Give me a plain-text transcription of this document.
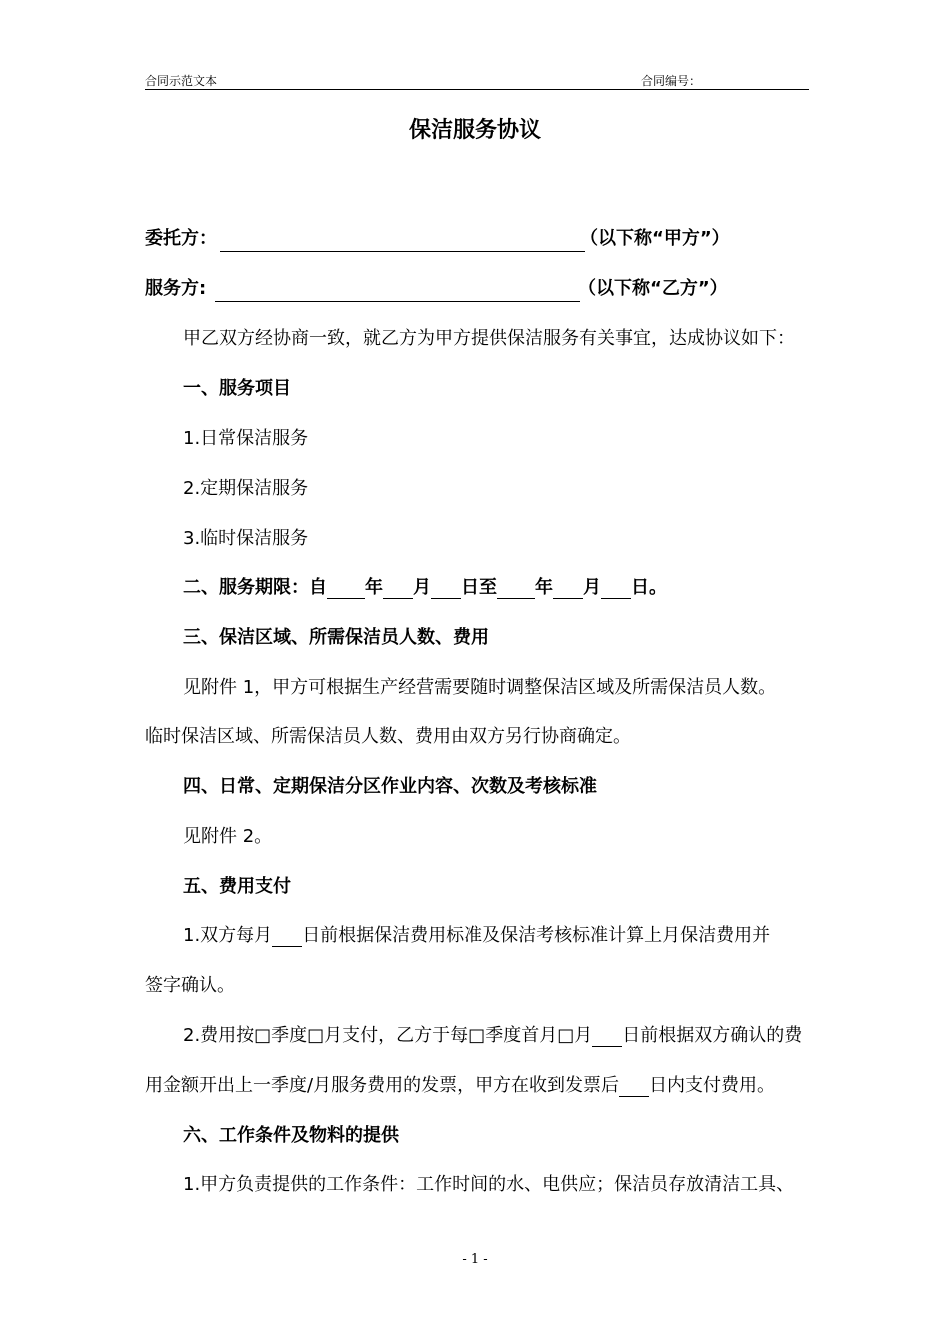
合同示范文本	合同编号：
保洁服务协议
委托方：	（以下称“甲方”）
服务方:	（以下称“乙方”）
甲乙双方经协商一致，就乙方为甲方提供保洁服务有关事宜，达成协议如下：
一、服务项目
1.日常保洁服务
2.定期保洁服务
3.临时保洁服务
二、服务期限：自 年 月 日至 年 月 日。
三、保洁区域、所需保洁员人数、费用
见附件 1，甲方可根据生产经营需要随时调整保洁区域及所需保洁员人数。
临时保洁区域、所需保洁员人数、费用由双方另行协商确定。
四、日常、定期保洁分区作业内容、次数及考核标准
见附件 2。
五、费用支付
1.双方每月 日前根据保洁费用标准及保洁考核标准计算上月保洁费用并
签字确认。
2.费用按□季度□月支付，乙方于每□季度首月□月 日前根据双方确认的费
用金额开出上一季度/月服务费用的发票，甲方在收到发票后 日内支付费用。
六、工作条件及物料的提供
1.甲方负责提供的工作条件：工作时间的水、电供应；保洁员存放清洁工具、
- 1 -
